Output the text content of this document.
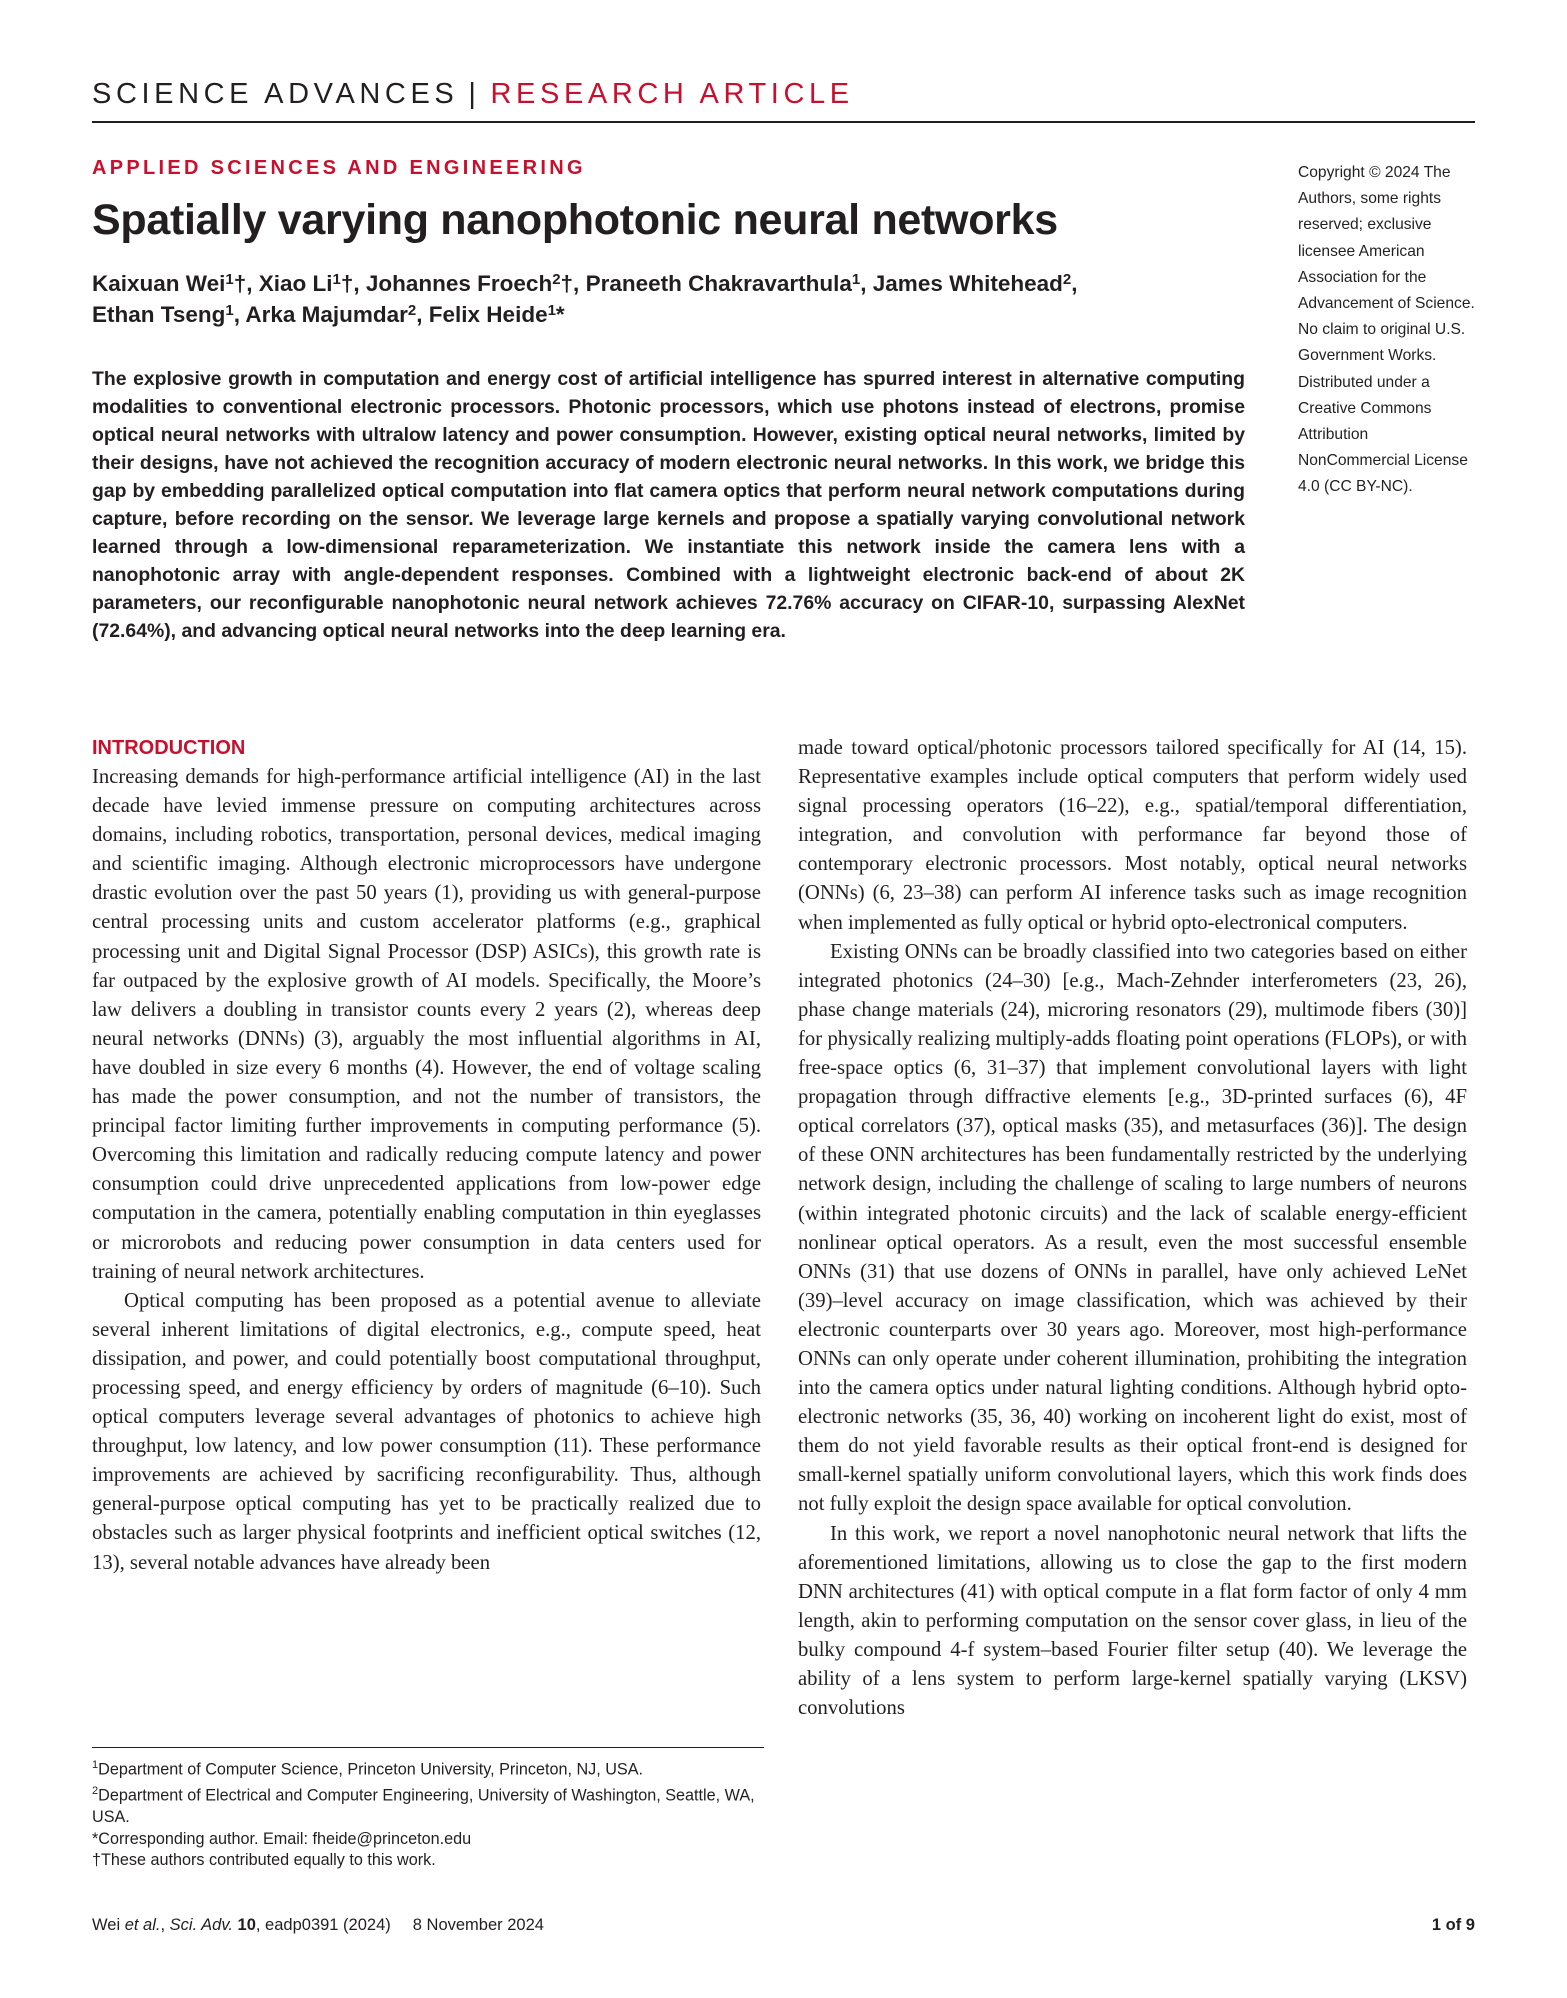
SCIENCE ADVANCES | RESEARCH ARTICLE
APPLIED SCIENCES AND ENGINEERING
Spatially varying nanophotonic neural networks
Kaixuan Wei$^1$†, Xiao Li$^1$†, Johannes Froech$^2$†, Praneeth Chakravarthula$^1$, James Whitehead$^2$,
Ethan Tseng$^1$, Arka Majumdar$^2$, Felix Heide$^1$*

The explosive growth in computation and energy cost of artificial intelligence has spurred interest in alternative computing modalities to conventional electronic processors. Photonic processors, which use photons instead of electrons, promise optical neural networks with ultralow latency and power consumption. However, existing optical neural networks, limited by their designs, have not achieved the recognition accuracy of modern electronic neural networks. In this work, we bridge this gap by embedding parallelized optical computation into flat camera optics that perform neural network computations during capture, before recording on the sensor. We leverage large kernels and propose a spatially varying convolutional network learned through a low-dimensional reparameterization. We instantiate this network inside the camera lens with a nanophotonic array with angle-dependent responses. Combined with a lightweight electronic back-end of about 2K parameters, our reconfigurable nanophotonic neural network achieves 72.76% accuracy on CIFAR-10, surpassing AlexNet (72.64%), and advancing optical neural networks into the deep learning era.

Copyright © 2024 The Authors, some rights reserved; exclusive licensee American Association for the Advancement of Science. No claim to original U.S. Government Works. Distributed under a Creative Commons Attribution NonCommercial License 4.0 (CC BY-NC).
INTRODUCTION

Increasing demands for high-performance artificial intelligence (AI) in the last decade have levied immense pressure on computing architectures across domains, including robotics, transportation, personal devices, medical imaging and scientific imaging. Although electronic microprocessors have undergone drastic evolution over the past 50 years (1), providing us with general-purpose central processing units and custom accelerator platforms (e.g., graphical processing unit and Digital Signal Processor (DSP) ASICs), this growth rate is far outpaced by the explosive growth of AI models. Specifically, the Moore’s law delivers a doubling in transistor counts every 2 years (2), whereas deep neural networks (DNNs) (3), arguably the most influential algorithms in AI, have doubled in size every 6 months (4). However, the end of voltage scaling has made the power consumption, and not the number of transistors, the principal factor limiting further improvements in computing performance (5). Overcoming this limitation and radically reducing compute latency and power consumption could drive unprecedented applications from low-power edge computation in the camera, potentially enabling computation in thin eyeglasses or microrobots and reducing power consumption in data centers used for training of neural network architectures.

Optical computing has been proposed as a potential avenue to alleviate several inherent limitations of digital electronics, e.g., compute speed, heat dissipation, and power, and could potentially boost computational throughput, processing speed, and energy efficiency by orders of magnitude (6–10). Such optical computers leverage several advantages of photonics to achieve high throughput, low latency, and low power consumption (11). These performance improvements are achieved by sacrificing reconfigurability. Thus, although general-purpose optical computing has yet to be practically realized due to obstacles such as larger physical footprints and inefficient optical switches (12, 13), several notable advances have already been

made toward optical/photonic processors tailored specifically for AI (14, 15). Representative examples include optical computers that perform widely used signal processing operators (16–22), e.g., spatial/temporal differentiation, integration, and convolution with performance far beyond those of contemporary electronic processors. Most notably, optical neural networks (ONNs) (6, 23–38) can perform AI inference tasks such as image recognition when implemented as fully optical or hybrid opto-electronical computers.

Existing ONNs can be broadly classified into two categories based on either integrated photonics (24–30) [e.g., Mach-Zehnder interferometers (23, 26), phase change materials (24), microring resonators (29), multimode fibers (30)] for physically realizing multiply-adds floating point operations (FLOPs), or with free-space optics (6, 31–37) that implement convolutional layers with light propagation through diffractive elements [e.g., 3D-printed surfaces (6), 4F optical correlators (37), optical masks (35), and metasurfaces (36)]. The design of these ONN architectures has been fundamentally restricted by the underlying network design, including the challenge of scaling to large numbers of neurons (within integrated photonic circuits) and the lack of scalable energy-efficient nonlinear optical operators. As a result, even the most successful ensemble ONNs (31) that use dozens of ONNs in parallel, have only achieved LeNet (39)–level accuracy on image classification, which was achieved by their electronic counterparts over 30 years ago. Moreover, most high-performance ONNs can only operate under coherent illumination, prohibiting the integration into the camera optics under natural lighting conditions. Although hybrid opto-electronic networks (35, 36, 40) working on incoherent light do exist, most of them do not yield favorable results as their optical front-end is designed for small-kernel spatially uniform convolutional layers, which this work finds does not fully exploit the design space available for optical convolution.

In this work, we report a novel nanophotonic neural network that lifts the aforementioned limitations, allowing us to close the gap to the first modern DNN architectures (41) with optical compute in a flat form factor of only 4 mm length, akin to performing computation on the sensor cover glass, in lieu of the bulky compound 4-f system–based Fourier filter setup (40). We leverage the ability of a lens system to perform large-kernel spatially varying (LKSV) convolutions

$^1$Department of Computer Science, Princeton University, Princeton, NJ, USA.
$^2$Department of Electrical and Computer Engineering, University of Washington, Seattle, WA, USA.
*Corresponding author. Email: fheide@princeton.edu
†These authors contributed equally to this work.
Wei et al., Sci. Adv. 10, eadp0391 (2024) 8 November 2024	1 of 9
